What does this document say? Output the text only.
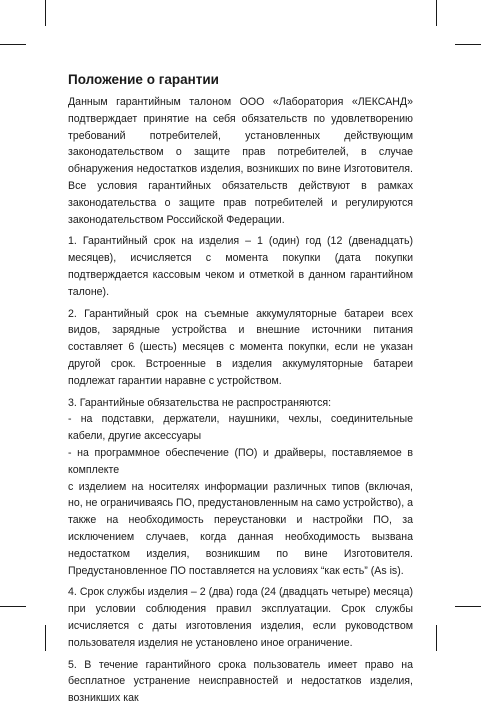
Положение о гарантии

Данным гарантийным талоном ООО «Лаборатория «ЛЕКСАНД» подтверждает принятие на себя обязательств по удовлетворению требований потребителей, установленных действующим законодательством о защите прав потребителей, в случае обнаружения недостатков изделия, возникших по вине Изготовителя. Все условия гарантийных обязательств действуют в рамках законодательства о защите прав потребителей и регулируются законодательством Российской Федерации.

1. Гарантийный срок на изделия – 1 (один) год (12 (двенадцать) месяцев), исчисляется с момента покупки (дата покупки подтверждается кассовым чеком и отметкой в данном гарантийном талоне).

2. Гарантийный срок на съемные аккумуляторные батареи всех видов, зарядные устройства и внешние источники питания составляет 6 (шесть) месяцев с момента покупки, если не указан другой срок. Встроенные в изделия аккумуляторные батареи подлежат гарантии наравне с устройством.

3. Гарантийные обязательства не распространяются:
- на подставки, держатели, наушники, чехлы, соединительные кабели, другие аксессуары
- на программное обеспечение (ПО) и драйверы, поставляемое в комплекте
с изделием на носителях информации различных типов (включая, но, не ограничиваясь ПО, предустановленным на само устройство), а также на необходимость переустановки и настройки ПО, за исключением случаев, когда данная необходимость вызвана недостатком изделия, возникшим по вине Изготовителя. Предустановленное ПО поставляется на условиях “как есть” (As is).

4. Срок службы изделия – 2 (два) года (24 (двадцать четыре) месяца) при условии соблюдения правил эксплуатации. Срок службы исчисляется с даты изготовления изделия, если руководством пользователя изделия не установлено иное ограничение.

5. В течение гарантийного срока пользователь имеет право на бесплатное устранение неисправностей и недостатков изделия, возникших как
